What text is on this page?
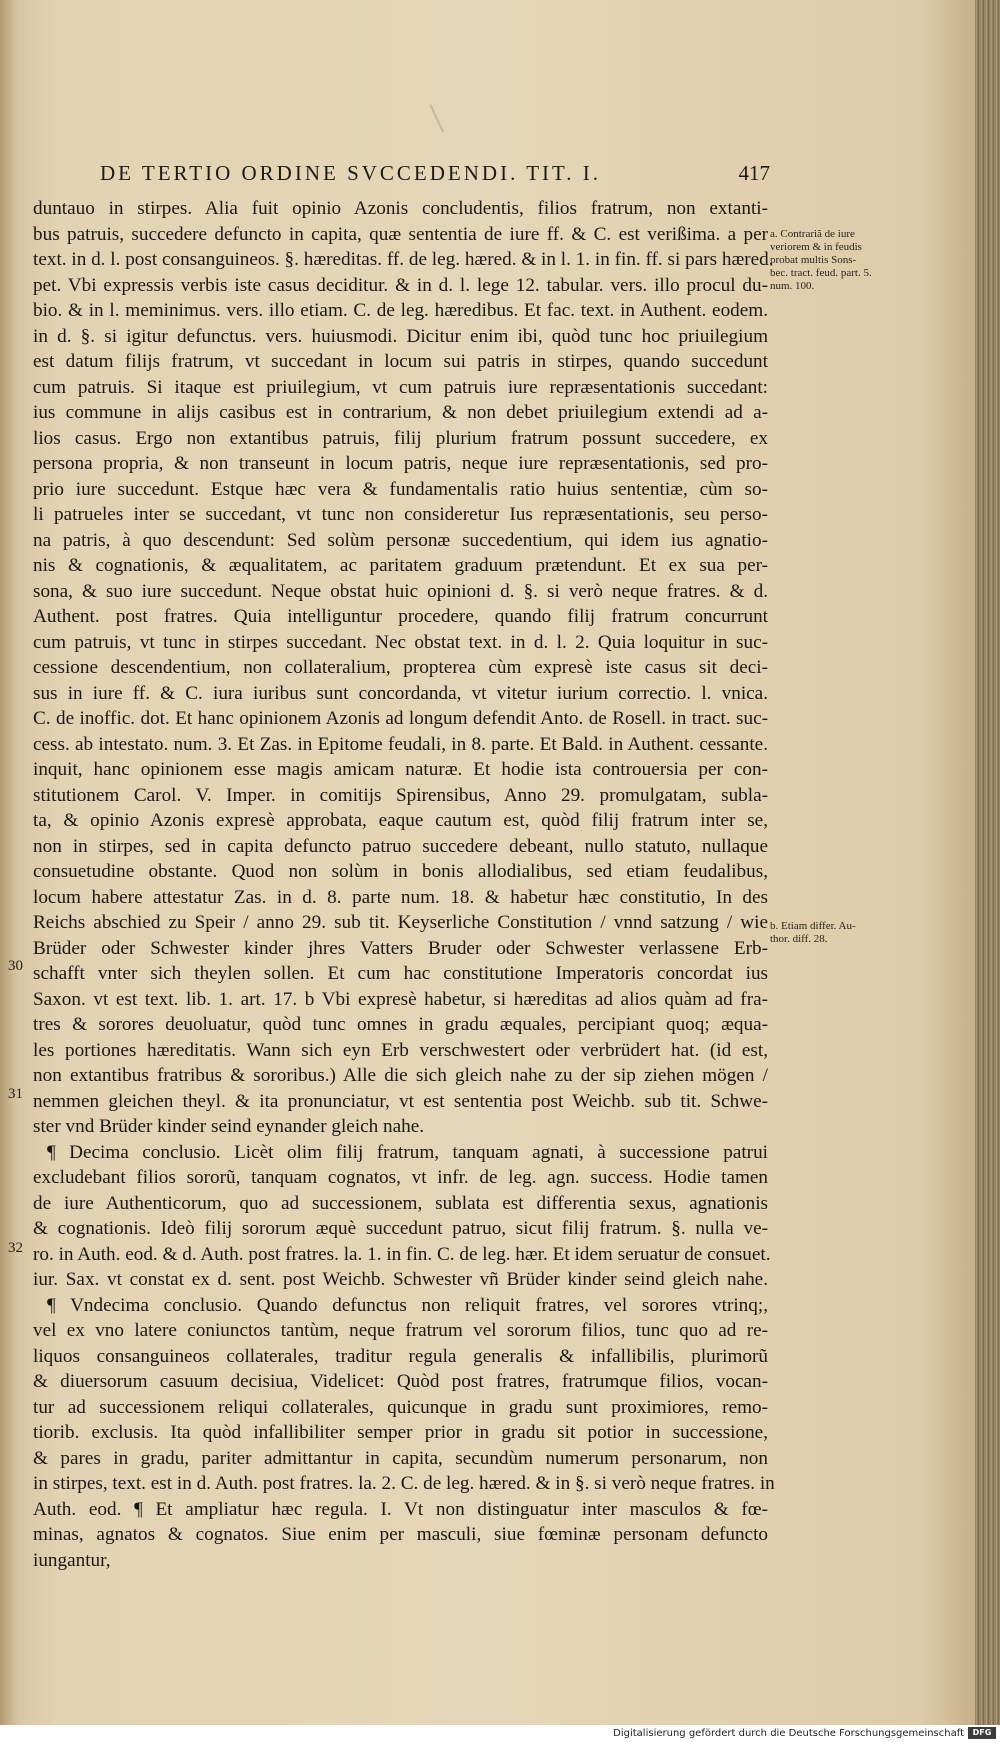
DE TERTIO ORDINE SVCCEDENDI. TIT. I.	417
duntauo in stirpes. Alia fuit opinio Azonis concludentis, filios fratrum, non extanti-
bus patruis, succedere defuncto in capita, quæ sententia de iure ff. & C. est verißima. a per
text. in d. l. post consanguineos. §. hæreditas. ff. de leg. hæred. & in l. 1. in fin. ff. si pars hæred.
pet. Vbi expressis verbis iste casus deciditur. & in d. l. lege 12. tabular. vers. illo procul du-
bio. & in l. meminimus. vers. illo etiam. C. de leg. hæredibus. Et fac. text. in Authent. eodem.
in d. §. si igitur defunctus. vers. huiusmodi. Dicitur enim ibi, quòd tunc hoc priuilegium
est datum filijs fratrum, vt succedant in locum sui patris in stirpes, quando succedunt
cum patruis. Si itaque est priuilegium, vt cum patruis iure repræsentationis succedant:
ius commune in alijs casibus est in contrarium, & non debet priuilegium extendi ad a-
lios casus. Ergo non extantibus patruis, filij plurium fratrum possunt succedere, ex
persona propria, & non transeunt in locum patris, neque iure repræsentationis, sed pro-
prio iure succedunt. Estque hæc vera & fundamentalis ratio huius sententiæ, cùm so-
li patrueles inter se succedant, vt tunc non consideretur Ius repræsentationis, seu perso-
na patris, à quo descendunt: Sed solùm personæ succedentium, qui idem ius agnatio-
nis & cognationis, & æqualitatem, ac paritatem graduum prætendunt. Et ex sua per-
sona, & suo iure succedunt. Neque obstat huic opinioni d. §. si verò neque fratres. & d.
Authent. post fratres. Quia intelliguntur procedere, quando filij fratrum concurrunt
cum patruis, vt tunc in stirpes succedant. Nec obstat text. in d. l. 2. Quia loquitur in suc-
cessione descendentium, non collateralium, propterea cùm expresè iste casus sit deci-
sus in iure ff. & C. iura iuribus sunt concordanda, vt vitetur iurium correctio. l. vnica.
C. de inoffic. dot. Et hanc opinionem Azonis ad longum defendit Anto. de Rosell. in tract. suc-
cess. ab intestato. num. 3. Et Zas. in Epitome feudali, in 8. parte. Et Bald. in Authent. cessante.
inquit, hanc opinionem esse magis amicam naturæ. Et hodie ista controuersia per con-
stitutionem Carol. V. Imper. in comitijs Spirensibus, Anno 29. promulgatam, subla-
ta, & opinio Azonis expresè approbata, eaque cautum est, quòd filij fratrum inter se,
non in stirpes, sed in capita defuncto patruo succedere debeant, nullo statuto, nullaque
consuetudine obstante. Quod non solùm in bonis allodialibus, sed etiam feudalibus,
locum habere attestatur Zas. in d. 8. parte num. 18. & habetur hæc constitutio, In des
Reichs abschied zu Speir / anno 29. sub tit. Keyserliche Constitution / vnnd satzung / wie
Brüder oder Schwester kinder jhres Vatters Bruder oder Schwester verlassene Erb-
schafft vnter sich theylen sollen. Et cum hac constitutione Imperatoris concordat ius
Saxon. vt est text. lib. 1. art. 17. b Vbi expresè habetur, si hæreditas ad alios quàm ad fra-
tres & sorores deuoluatur, quòd tunc omnes in gradu æquales, percipiant quoq; æqua-
les portiones hæreditatis. Wann sich eyn Erb verschwestert oder verbrüdert hat. (id est,
non extantibus fratribus & sororibus.) Alle die sich gleich nahe zu der sip ziehen mögen /
nemmen gleichen theyl. & ita pronunciatur, vt est sententia post Weichb. sub tit. Schwe-
ster vnd Brüder kinder seind eynander gleich nahe.
¶ Decima conclusio. Licèt olim filij fratrum, tanquam agnati, à successione patrui
excludebant filios sororũ, tanquam cognatos, vt infr. de leg. agn. success. Hodie tamen
de iure Authenticorum, quo ad successionem, sublata est differentia sexus, agnationis
& cognationis. Ideò filij sororum æquè succedunt patruo, sicut filij fratrum. §. nulla ve-
ro. in Auth. eod. & d. Auth. post fratres. la. 1. in fin. C. de leg. hær. Et idem seruatur de consuet.
iur. Sax. vt constat ex d. sent. post Weichb. Schwester vñ Brüder kinder seind gleich nahe.
¶ Vndecima conclusio. Quando defunctus non reliquit fratres, vel sorores vtrinq;,
vel ex vno latere coniunctos tantùm, neque fratrum vel sororum filios, tunc quo ad re-
liquos consanguineos collaterales, traditur regula generalis & infallibilis, plurimorũ
& diuersorum casuum decisiua, Videlicet: Quòd post fratres, fratrumque filios, vocan-
tur ad successionem reliqui collaterales, quicunque in gradu sunt proximiores, remo-
tiorib. exclusis. Ita quòd infallibiliter semper prior in gradu sit potior in successione,
& pares in gradu, pariter admittantur in capita, secundùm numerum personarum, non
in stirpes, text. est in d. Auth. post fratres. la. 2. C. de leg. hæred. & in §. si verò neque fratres. in
Auth. eod. ¶ Et ampliatur hæc regula. I. Vt non distinguatur inter masculos & fœ-
minas, agnatos & cognatos. Siue enim per masculi, siue fœminæ personam defuncto
iungantur,
a. Contrariã de iure
veriorem & in feudis
probat multis Sons-
bec. tract. feud. part. 5.
num. 100.
b. Etiam differ. Au-
thor. diff. 28.
30
31
32
Digitalisierung gefördert durch die Deutsche Forschungsgemeinschaft	DFG
